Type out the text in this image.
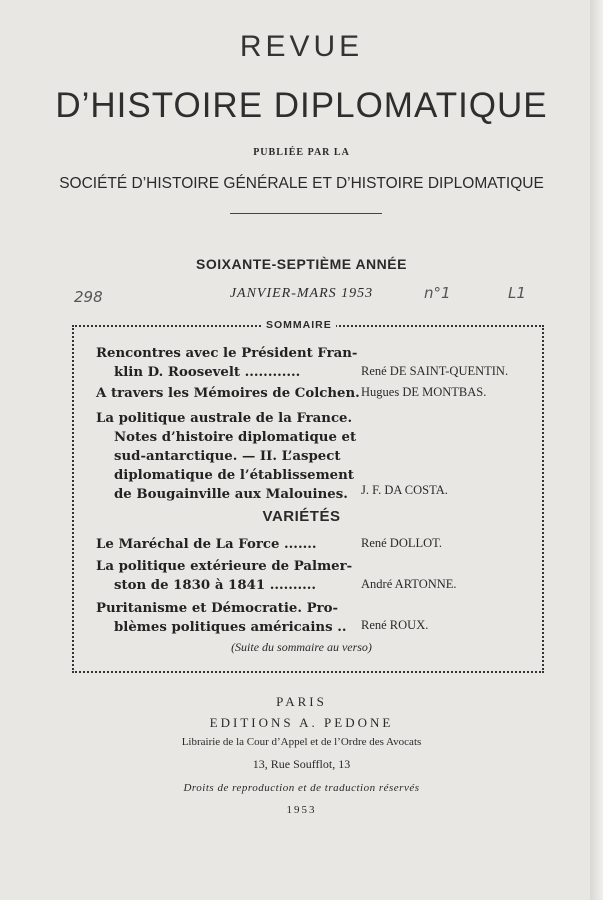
REVUE
D’HISTOIRE DIPLOMATIQUE
PUBLIÉE PAR LA
SOCIÉTÉ D’HISTOIRE GÉNÉRALE ET D’HISTOIRE DIPLOMATIQUE
SOIXANTE-SEPTIÈME ANNÉE
JANVIER-MARS 1953
298	n°1	L1
SOMMAIRE
Rencontres avec le Président Fran-
klin D. Roosevelt ............	René DE SAINT-QUENTIN.
A travers les Mémoires de Colchen. Hugues DE MONTBAS.
La politique australe de la France.
Notes d’histoire diplomatique et
sud-antarctique. — II. L’aspect
diplomatique de l’établissement
de Bougainville aux Malouines.	J. F. DA COSTA.
VARIÉTÉS
Le Maréchal de La Force .......	René DOLLOT.
La politique extérieure de Palmer-
ston de 1830 à 1841 ..........	André ARTONNE.
Puritanisme et Démocratie. Pro-
blèmes politiques américains .. René ROUX.
(Suite du sommaire au verso)
PARIS
EDITIONS A. PEDONE
Librairie de la Cour d’Appel et de l’Ordre des Avocats
13, Rue Soufflot, 13
Droits de reproduction et de traduction réservés
1953
